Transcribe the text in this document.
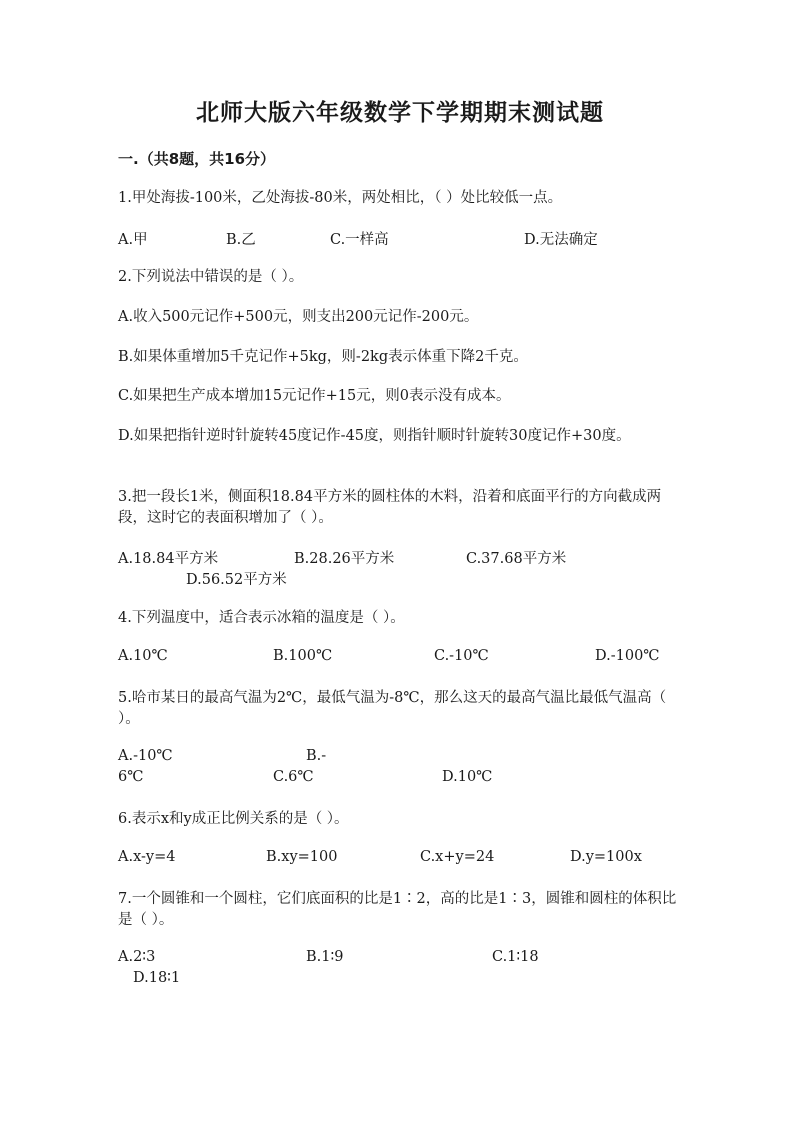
北师大版六年级数学下学期期末测试题
一.（共8题，共16分）
1.甲处海拔-100米，乙处海拔-80米，两处相比，（ ）处比较低一点。
A.甲	B.乙	C.一样高	D.无法确定
2.下列说法中错误的是（ ）。
A.收入500元记作+500元，则支出200元记作-200元。
B.如果体重增加5千克记作+5kg，则-2kg表示体重下降2千克。
C.如果把生产成本增加15元记作+15元，则0表示没有成本。
D.如果把指针逆时针旋转45度记作-45度，则指针顺时针旋转30度记作+30度。
3.把一段长1米，侧面积18.84平方米的圆柱体的木料，沿着和底面平行的方向截成两段，这时它的表面积增加了（ ）。
A.18.84平方米	B.28.26平方米	C.37.68平方米
D.56.52平方米
4.下列温度中，适合表示冰箱的温度是（ ）。
A.10℃	B.100℃	C.-10℃	D.-100℃
5.哈市某日的最高气温为2℃，最低气温为-8℃，那么这天的最高气温比最低气温高（ ）。
A.-10℃	B.-
6℃	C.6℃	D.10℃
6.表示x和y成正比例关系的是（ ）。
A.x-y=4	B.xy=100	C.x+y=24	D.y=100x
7.一个圆锥和一个圆柱，它们底面积的比是1∶2，高的比是1∶3，圆锥和圆柱的体积比是（ ）。
A.2∶3	B.1∶9	C.1∶18
D.18∶1
